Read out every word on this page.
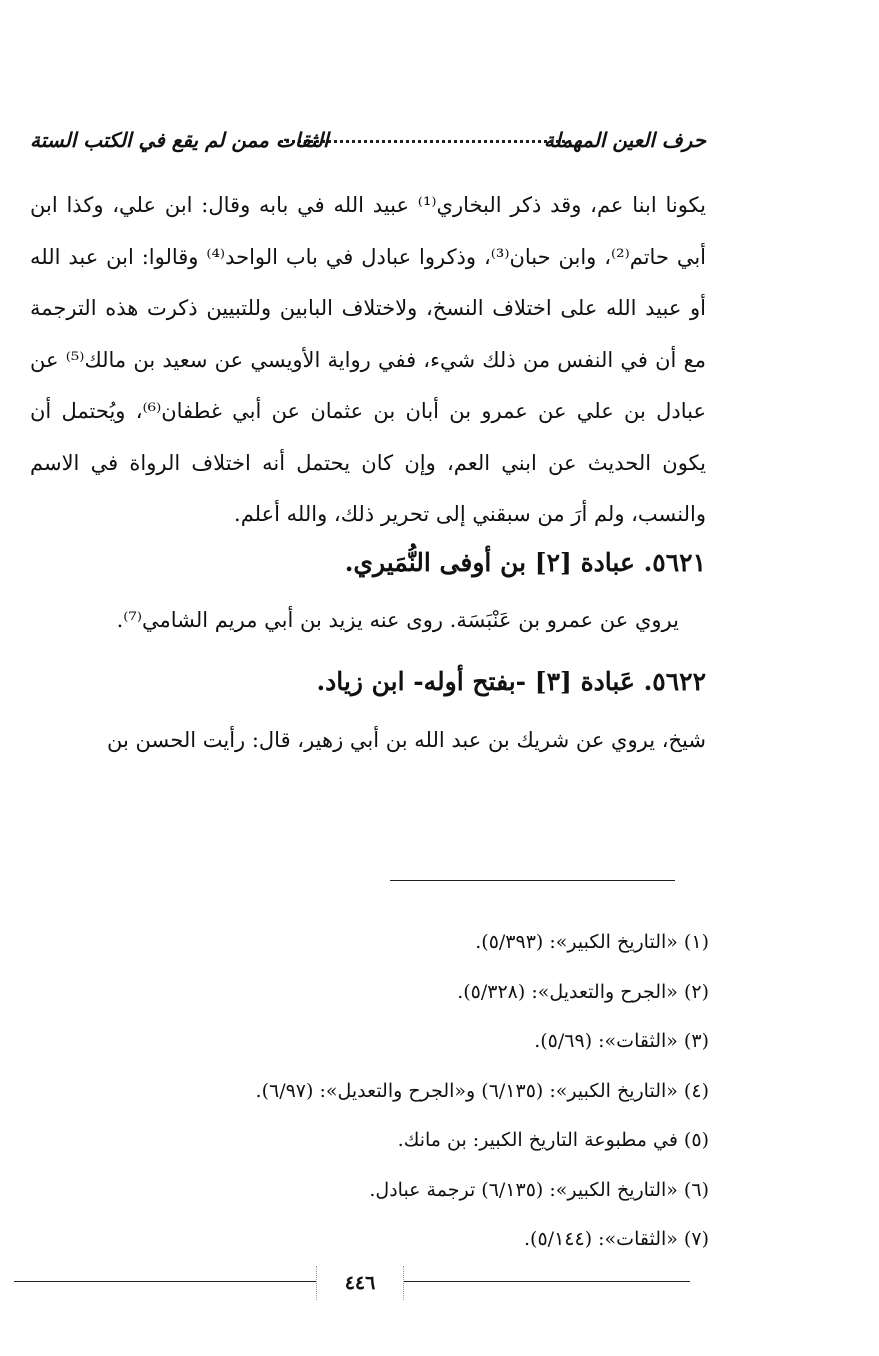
حرف العين المهملة
الثقات ممن لم يقع في الكتب الستة

يكونا ابنا عم، وقد ذكر البخاري⁽¹⁾ عبيد الله في بابه وقال: ابن علي، وكذا ابن أبي حاتم⁽²⁾، وابن حبان⁽³⁾، وذكروا عبادل في باب الواحد⁽⁴⁾ وقالوا: ابن عبد الله أو عبيد الله على اختلاف النسخ، ولاختلاف البابين وللتبيين ذكرت هذه الترجمة مع أن في النفس من ذلك شيء، ففي رواية الأويسي عن سعيد بن مالك⁽⁵⁾ عن عبادل بن علي عن عمرو بن أبان بن عثمان عن أبي غطفان⁽⁶⁾، ويُحتمل أن يكون الحديث عن ابني العم، وإن كان يحتمل أنه اختلاف الرواة في الاسم والنسب، ولم أرَ من سبقني إلى تحرير ذلك، والله أعلم.

٥٦٢١. عبادة [٢] بن أوفى النُّمَيري.
يروي عن عمرو بن عَنْبَسَة. روى عنه يزيد بن أبي مريم الشامي⁽⁷⁾.
٥٦٢٢. عَبادة [٣] -بفتح أوله- ابن زياد.
شيخ، يروي عن شريك بن عبد الله بن أبي زهير، قال: رأيت الحسن بن
(١) «التاريخ الكبير»: (٥/٣٩٣).
(٢) «الجرح والتعديل»: (٥/٣٢٨).
(٣) «الثقات»: (٥/٦٩).
(٤) «التاريخ الكبير»: (٦/١٣٥) و«الجرح والتعديل»: (٦/٩٧).
(٥) في مطبوعة التاريخ الكبير: بن مانك.
(٦) «التاريخ الكبير»: (٦/١٣٥) ترجمة عبادل.
(٧) «الثقات»: (٥/١٤٤).
٤٤٦
